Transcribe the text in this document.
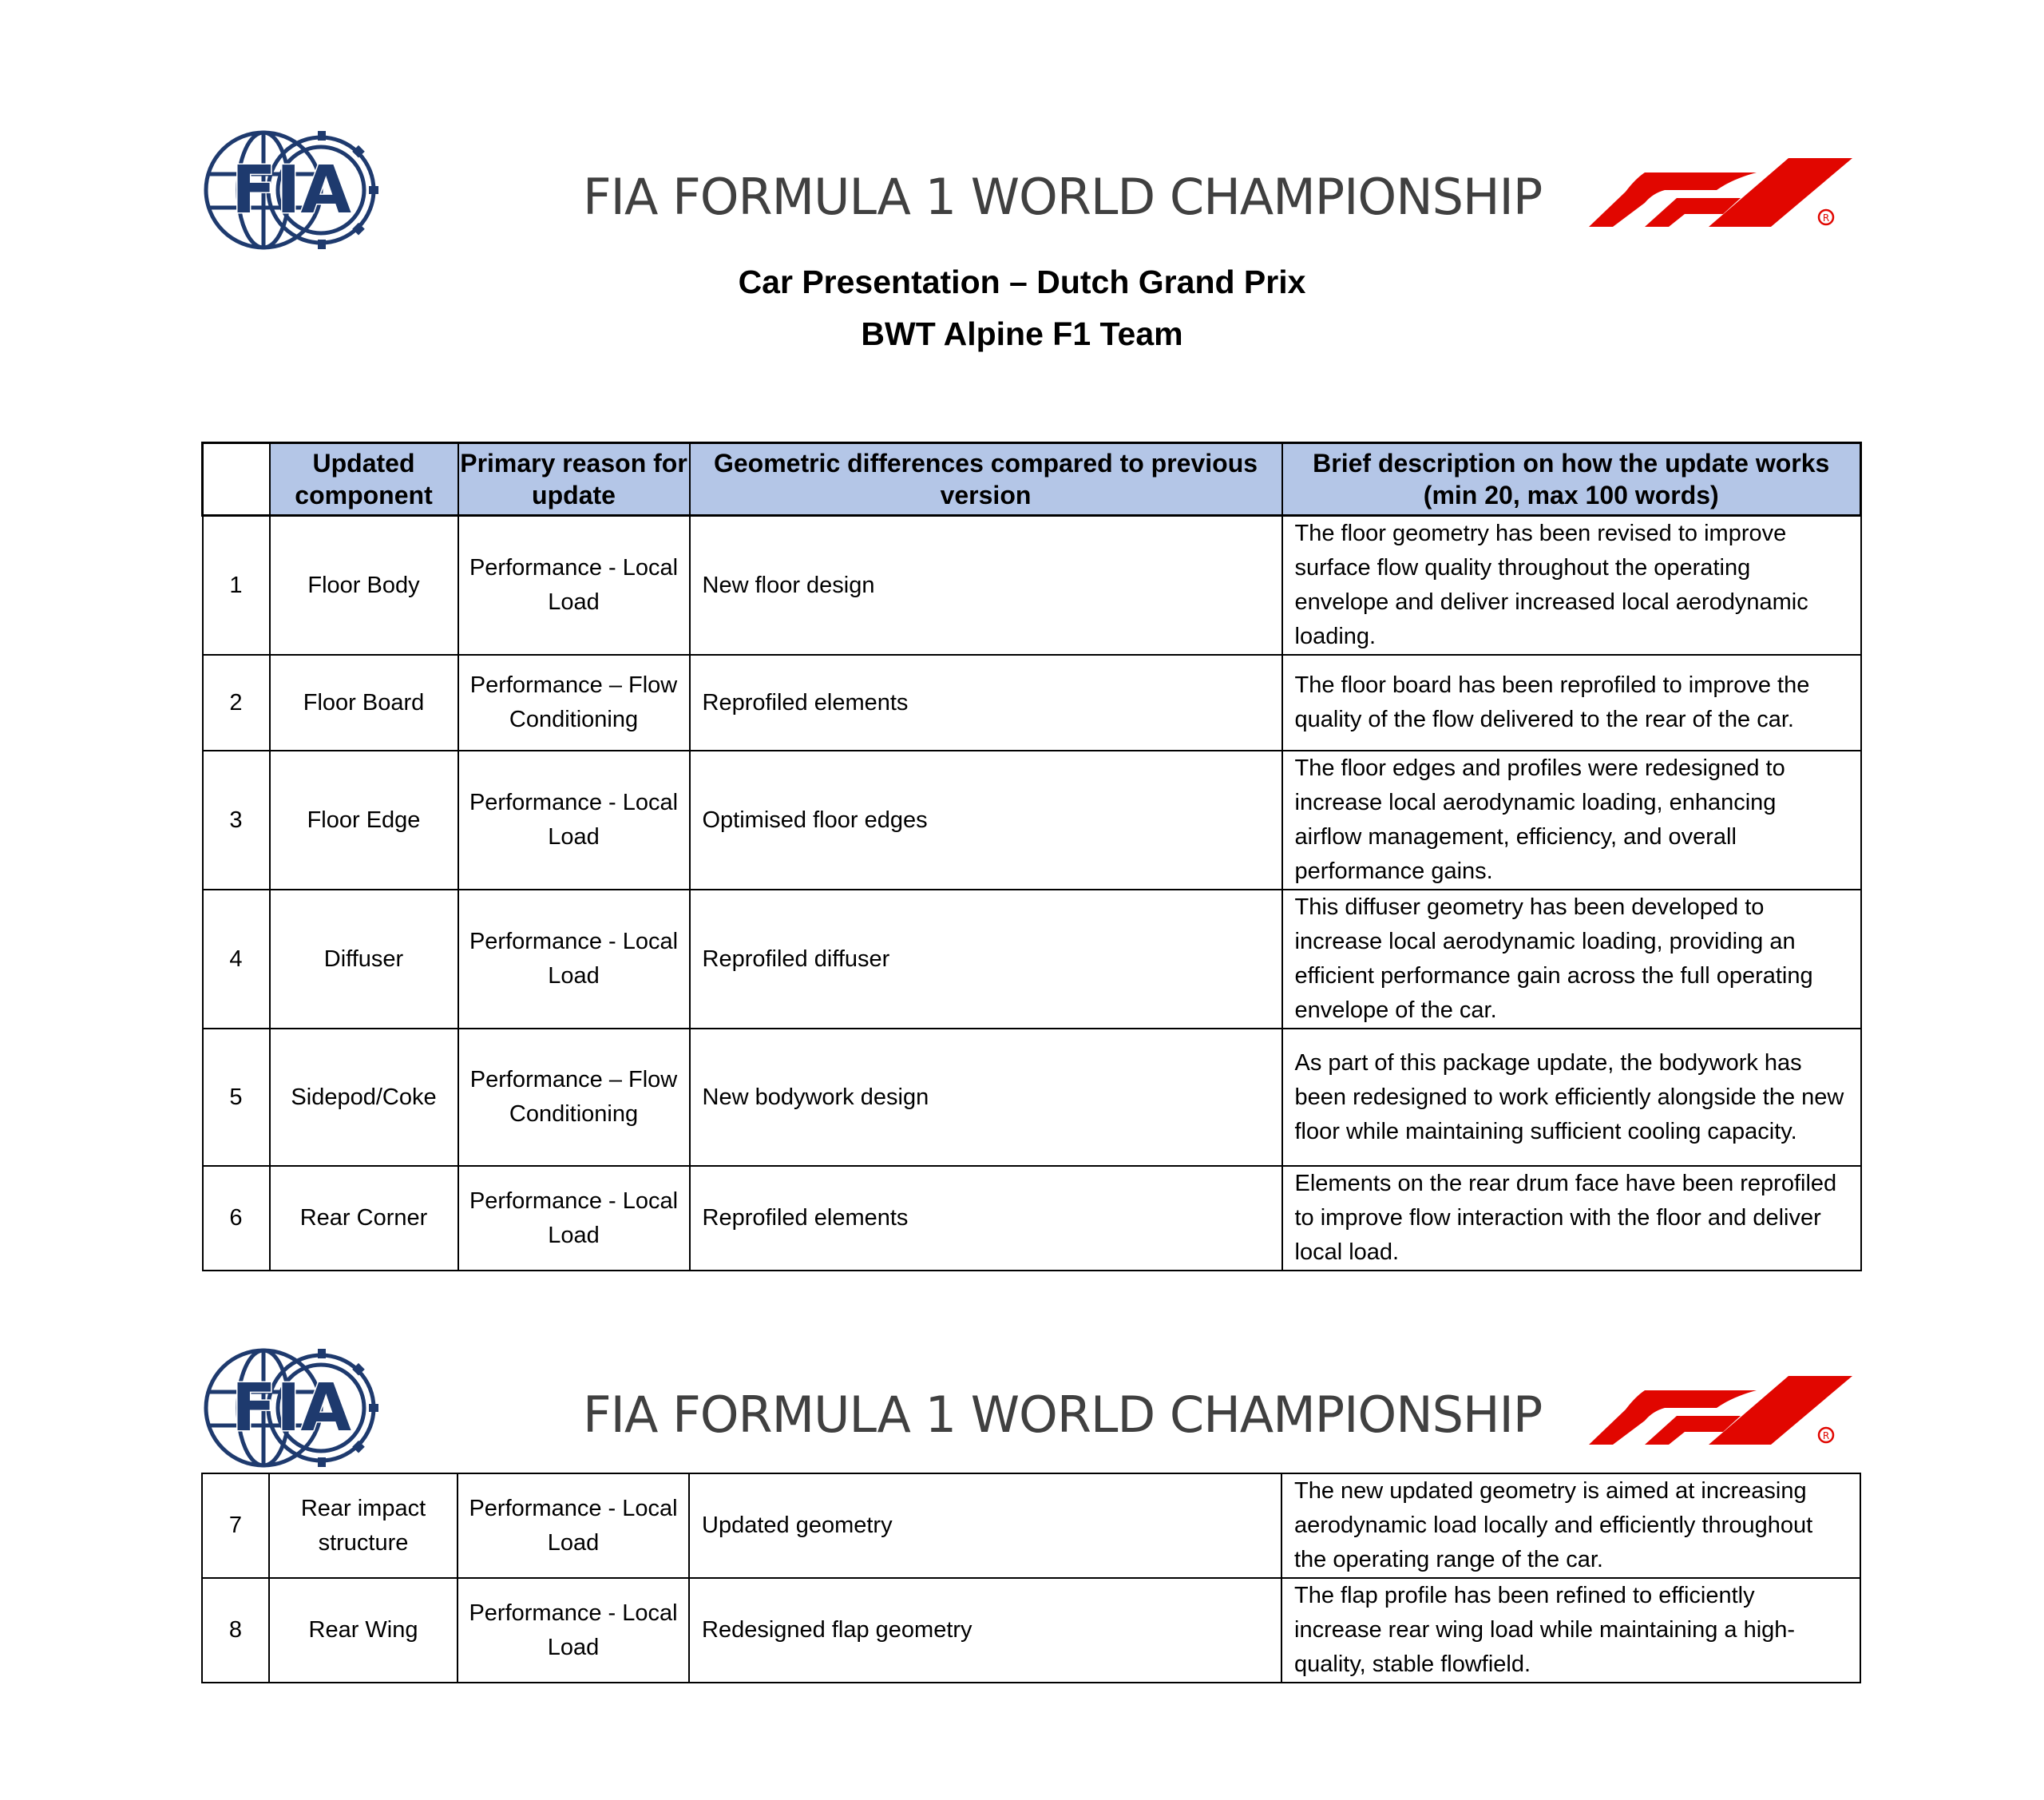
FIA	FIA FORMULA 1 WORLD CHAMPIONSHIP	R
F1
Car Presentation – Dutch Grand Prix
BWT Alpine F1 Team
	Updated component	Primary reason for update	Geometric differences compared to previous version	Brief description on how the update works (min 20, max 100 words)
1	Floor Body	Performance - Local Load	New floor design	The floor geometry has been revised to improve surface flow quality throughout the operating envelope and deliver increased local aerodynamic loading.
2	Floor Board	Performance – Flow Conditioning	Reprofiled elements	The floor board has been reprofiled to improve the quality of the flow delivered to the rear of the car.
3	Floor Edge	Performance - Local Load	Optimised floor edges	The floor edges and profiles were redesigned to increase local aerodynamic loading, enhancing airflow management, efficiency, and overall performance gains.
4	Diffuser	Performance - Local Load	Reprofiled diffuser	This diffuser geometry has been developed to increase local aerodynamic loading, providing an efficient performance gain across the full operating envelope of the car.
5	Sidepod/Coke	Performance – Flow Conditioning	New bodywork design	As part of this package update, the bodywork has been redesigned to work efficiently alongside the new floor while maintaining sufficient cooling capacity.
6	Rear Corner	Performance - Local Load	Reprofiled elements	Elements on the rear drum face have been reprofiled to improve flow interaction with the floor and deliver local load.
FIA	FIA FORMULA 1 WORLD CHAMPIONSHIP	R
F1
7	Rear impact structure	Performance - Local Load	Updated geometry	The new updated geometry is aimed at increasing aerodynamic load locally and efficiently throughout the operating range of the car.
8	Rear Wing	Performance - Local Load	Redesigned flap geometry	The flap profile has been refined to efficiently increase rear wing load while maintaining a high-quality, stable flowfield.
